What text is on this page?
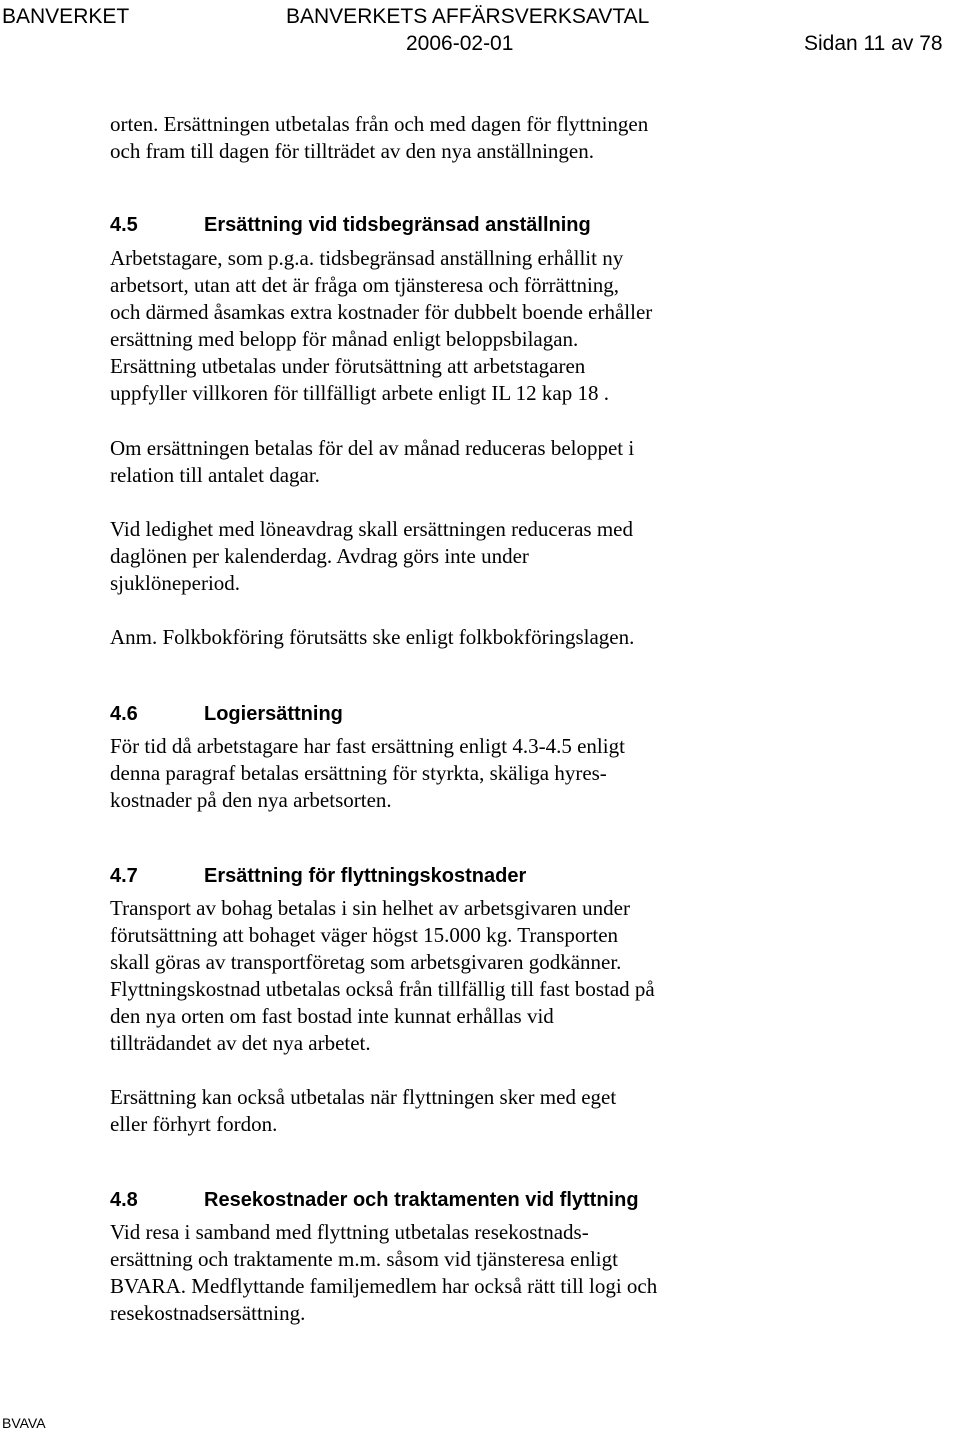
BANVERKET	BANVERKETS AFFÄRSVERKSAVTAL
2006-02-01	Sidan 11 av 78
orten. Ersättningen utbetalas från och med dagen för flyttningen
och fram till dagen för tillträdet av den nya anställningen.
4.5	Ersättning vid tidsbegränsad anställning
Arbetstagare, som p.g.a. tidsbegränsad anställning erhållit ny
arbetsort, utan att det är fråga om tjänsteresa och förrättning,
och därmed åsamkas extra kostnader för dubbelt boende erhåller
ersättning med belopp för månad enligt beloppsbilagan.
Ersättning utbetalas under förutsättning att arbetstagaren
uppfyller villkoren för tillfälligt arbete enligt IL 12 kap 18 .
Om ersättningen betalas för del av månad reduceras beloppet i
relation till antalet dagar.
Vid ledighet med löneavdrag skall ersättningen reduceras med
daglönen per kalenderdag. Avdrag görs inte under
sjuklöneperiod.
Anm. Folkbokföring förutsätts ske enligt folkbokföringslagen.
4.6	Logiersättning
För tid då arbetstagare har fast ersättning enligt 4.3-4.5 enligt
denna paragraf betalas ersättning för styrkta, skäliga hyres-
kostnader på den nya arbetsorten.
4.7	Ersättning för flyttningskostnader
Transport av bohag betalas i sin helhet av arbetsgivaren under
förutsättning att bohaget väger högst 15.000 kg. Transporten
skall göras av transportföretag som arbetsgivaren godkänner.
Flyttningskostnad utbetalas också från tillfällig till fast bostad på
den nya orten om fast bostad inte kunnat erhållas vid
tillträdandet av det nya arbetet.
Ersättning kan också utbetalas när flyttningen sker med eget
eller förhyrt fordon.
4.8	Resekostnader och traktamenten vid flyttning
Vid resa i samband med flyttning utbetalas resekostnads-
ersättning och traktamente m.m. såsom vid tjänsteresa enligt
BVARA. Medflyttande familjemedlem har också rätt till logi och
resekostnadsersättning.
BVAVA
